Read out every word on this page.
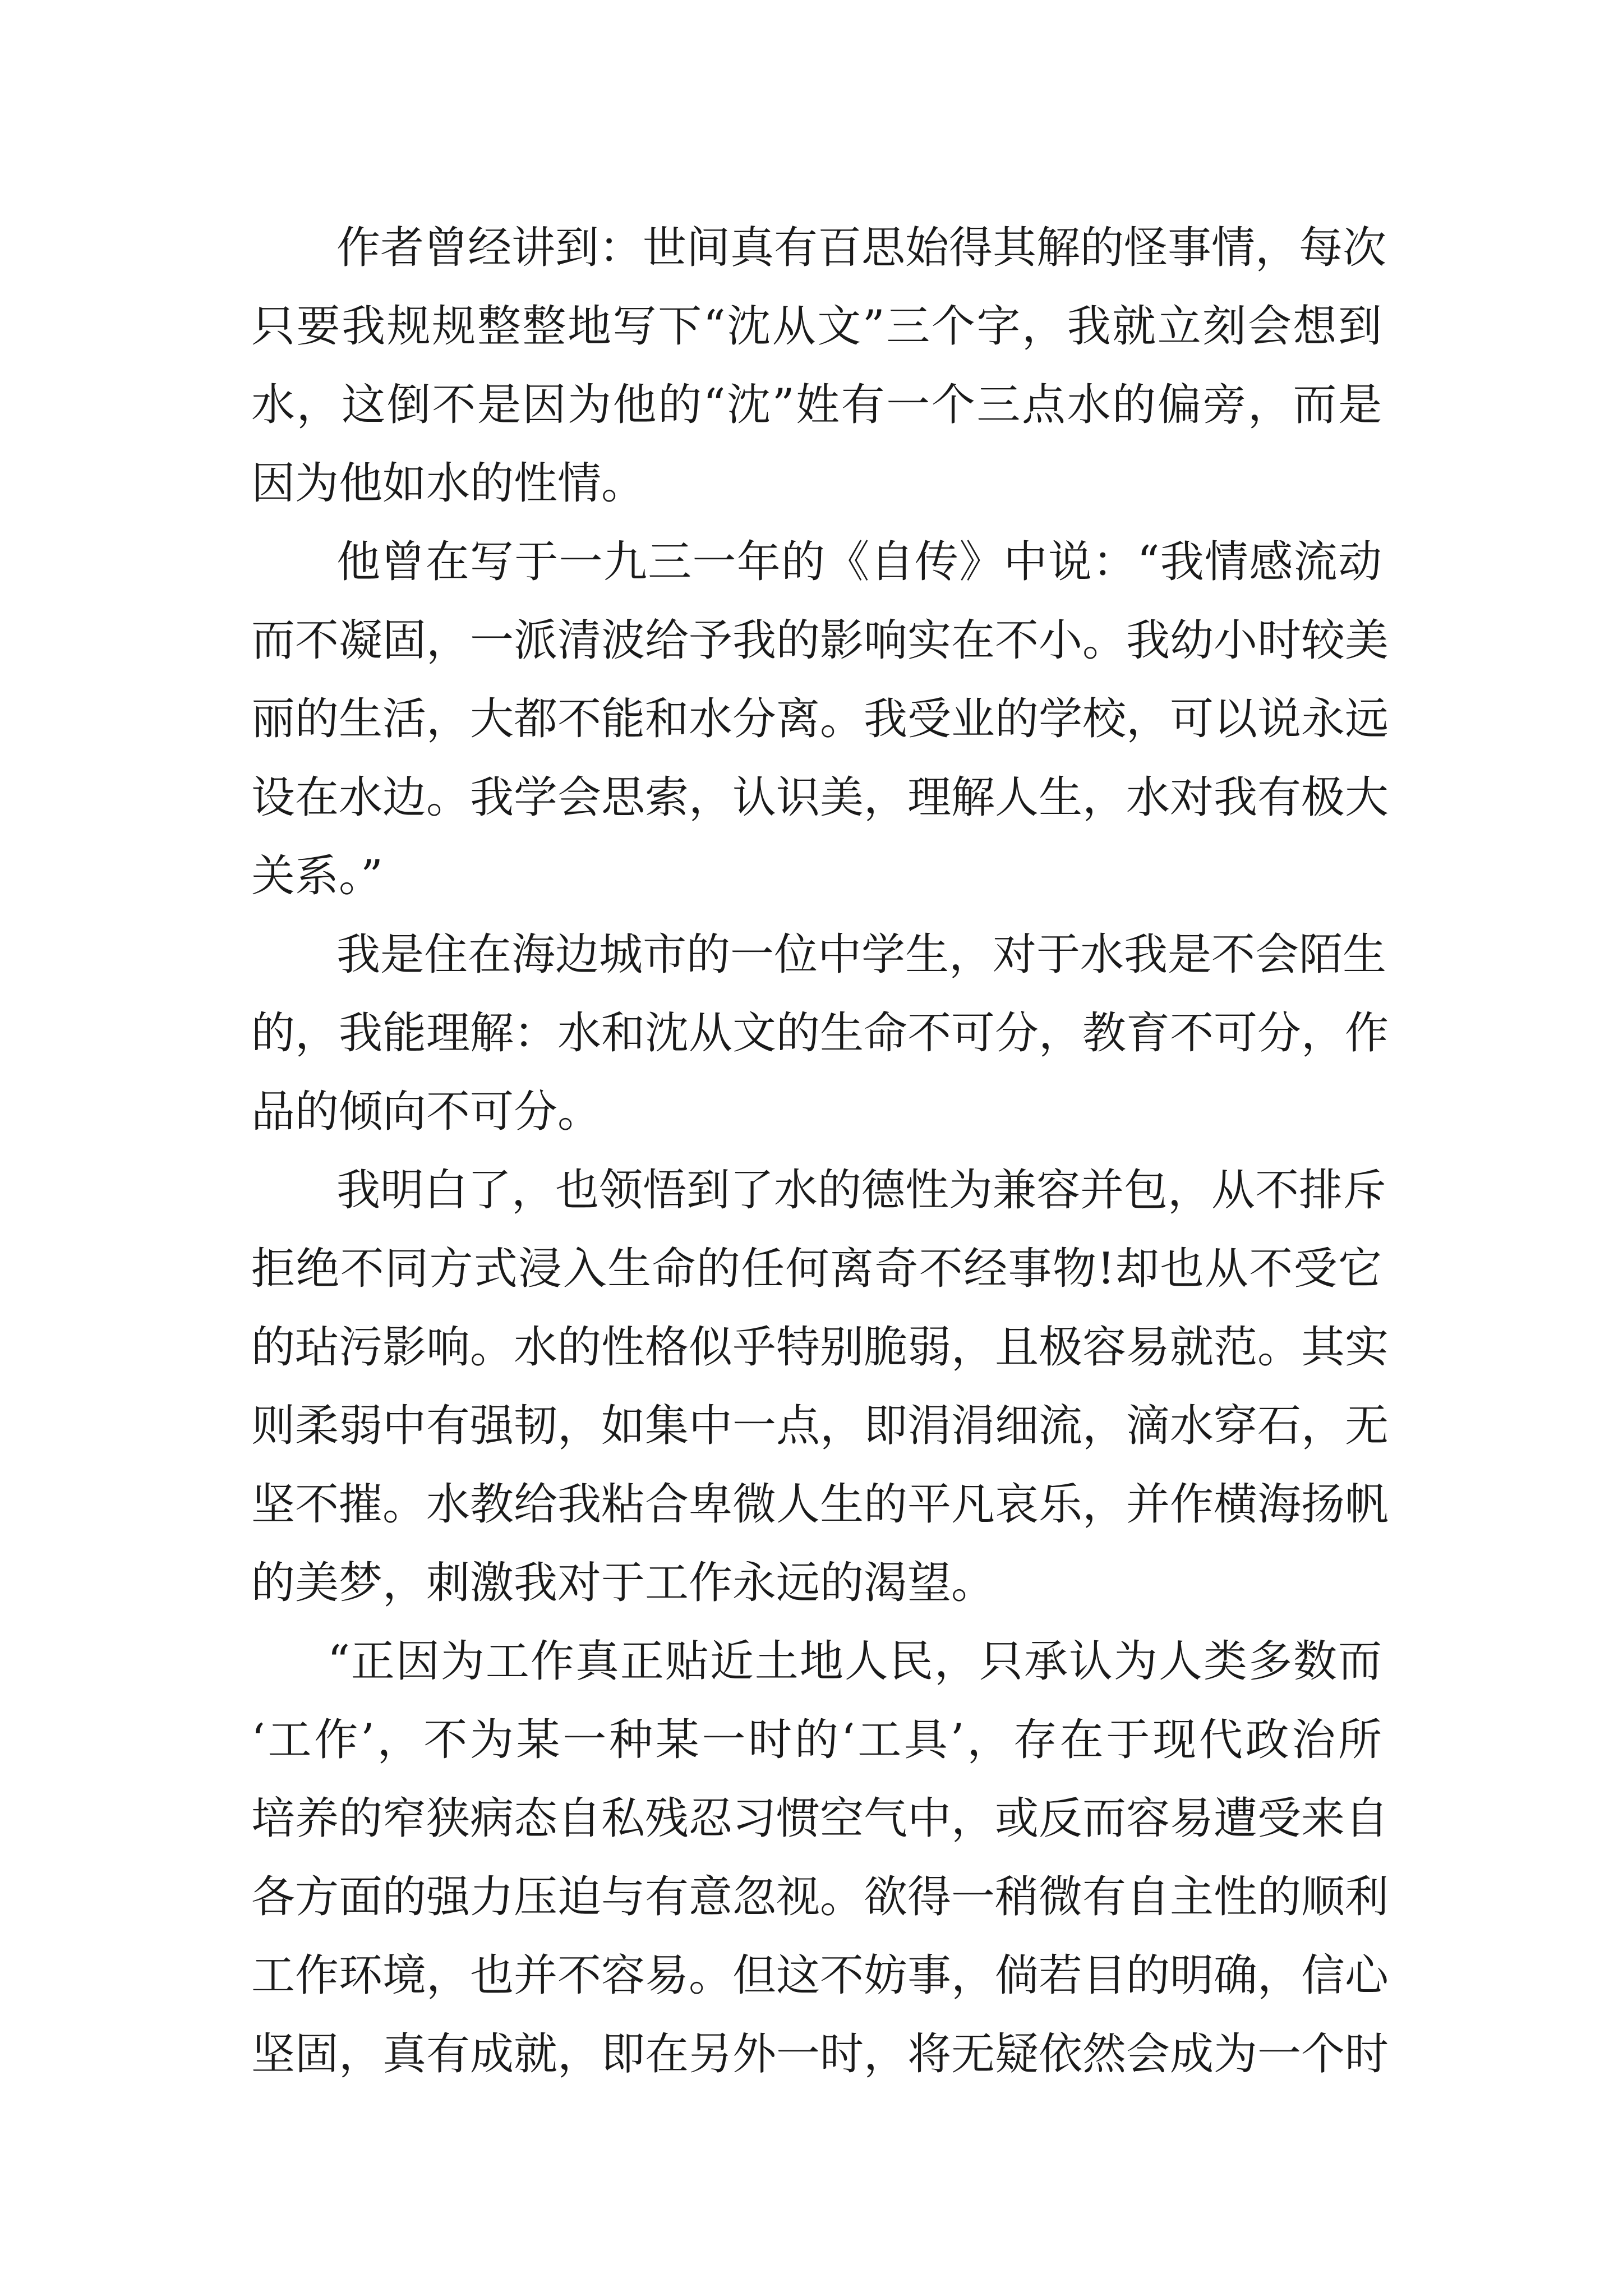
作者曾经讲到：世间真有百思始得其解的怪事情，每次
只要我规规整整地写下“沈从文”三个字，我就立刻会想到
水，这倒不是因为他的“沈”姓有一个三点水的偏旁，而是
因为他如水的性情。
他曾在写于一九三一年的《自传》中说：“我情感流动
而不凝固，一派清波给予我的影响实在不小。我幼小时较美
丽的生活，大都不能和水分离。我受业的学校，可以说永远
设在水边。我学会思索，认识美，理解人生，水对我有极大
关系。”
我是住在海边城市的一位中学生，对于水我是不会陌生
的，我能理解：水和沈从文的生命不可分，教育不可分，作
品的倾向不可分。
我明白了，也领悟到了水的德性为兼容并包，从不排斥
拒绝不同方式浸入生命的任何离奇不经事物!却也从不受它
的玷污影响。水的性格似乎特别脆弱，且极容易就范。其实
则柔弱中有强韧，如集中一点，即涓涓细流，滴水穿石，无
坚不摧。水教给我粘合卑微人生的平凡哀乐，并作横海扬帆
的美梦，刺激我对于工作永远的渴望。
“正因为工作真正贴近土地人民，只承认为人类多数而
‘工作’，不为某一种某一时的‘工具’，存在于现代政治所
培养的窄狭病态自私残忍习惯空气中，或反而容易遭受来自
各方面的强力压迫与有意忽视。欲得一稍微有自主性的顺利
工作环境，也并不容易。但这不妨事，倘若目的明确，信心
坚固，真有成就，即在另外一时，将无疑依然会成为一个时
